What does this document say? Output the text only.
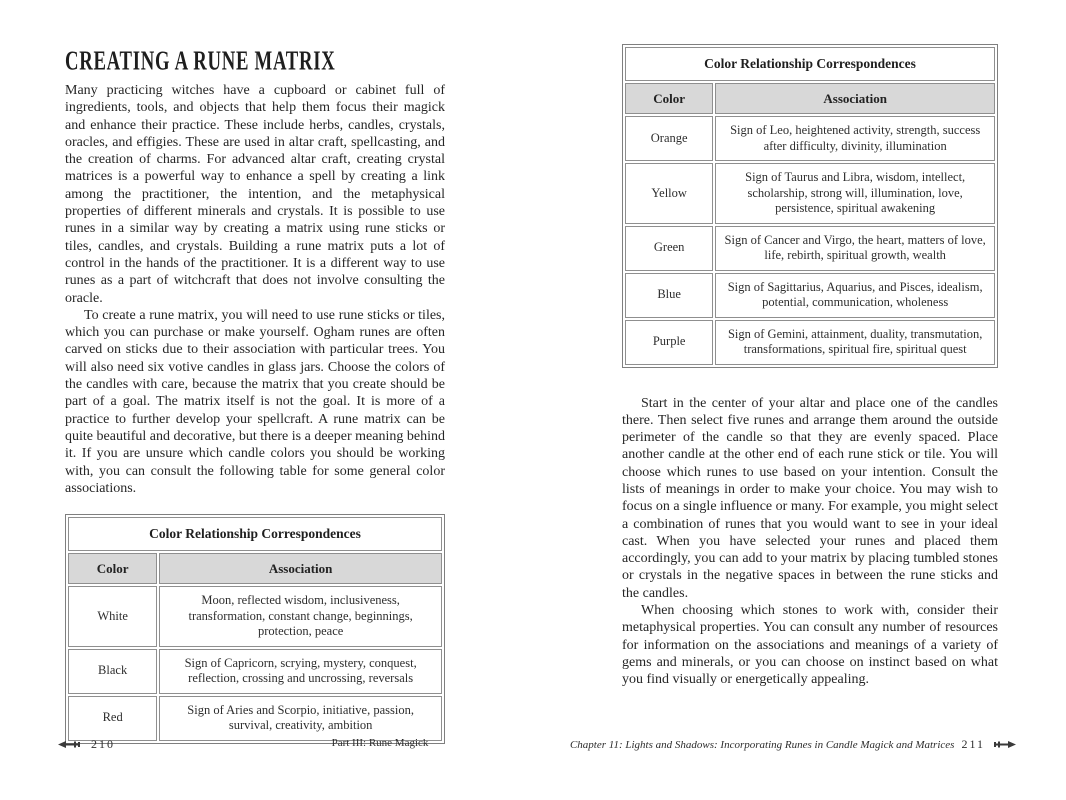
CREATING A RUNE MATRIX

Many practicing witches have a cupboard or cabinet full of ingredients, tools, and objects that help them focus their magick and enhance their practice. These include herbs, candles, crystals, oracles, and effigies. These are used in altar craft, spellcasting, and the creation of charms. For advanced altar craft, creating crystal matrices is a powerful way to enhance a spell by creating a link among the practitioner, the intention, and the metaphysical properties of different minerals and crystals. It is possible to use runes in a similar way by creating a matrix using rune sticks or tiles, candles, and crystals. Building a rune matrix puts a lot of control in the hands of the practitioner. It is a different way to use runes as a part of witchcraft that does not involve consulting the oracle.

To create a rune matrix, you will need to use rune sticks or tiles, which you can purchase or make yourself. Ogham runes are often carved on sticks due to their association with particular trees. You will also need six votive candles in glass jars. Choose the colors of the candles with care, because the matrix that you create should be part of a goal. The matrix itself is not the goal. It is more of a practice to further develop your spellcraft. A rune matrix can be quite beautiful and decorative, but there is a deeper meaning behind it. If you are unsure which candle colors you should be working with, you can consult the following table for some general color associations.

Color Relationship Correspondences	
Color	Association
White	Moon, reflected wisdom, inclusiveness, transformation, constant change, beginnings, protection, peace
Black	Sign of Capricorn, scrying, mystery, conquest, reflection, crossing and uncrossing, reversals
Red	Sign of Aries and Scorpio, initiative, passion, survival, creativity, ambition
Color Relationship Correspondences	
Color	Association
Orange	Sign of Leo, heightened activity, strength, success after difficulty, divinity, illumination
Yellow	Sign of Taurus and Libra, wisdom, intellect, scholarship, strong will, illumination, love, persistence, spiritual awakening
Green	Sign of Cancer and Virgo, the heart, matters of love, life, rebirth, spiritual growth, wealth
Blue	Sign of Sagittarius, Aquarius, and Pisces, idealism, potential, communication, wholeness
Purple	Sign of Gemini, attainment, duality, transmutation, transformations, spiritual fire, spiritual quest

Start in the center of your altar and place one of the candles there. Then select five runes and arrange them around the outside perimeter of the candle so that they are evenly spaced. Place another candle at the other end of each rune stick or tile. You will choose which runes to use based on your intention. Consult the lists of meanings in order to make your choice. You may wish to focus on a single influence or many. For example, you might select a combination of runes that you would want to see in your ideal cast. When you have selected your runes and placed them accordingly, you can add to your matrix by placing tumbled stones or crystals in the negative spaces in between the rune sticks and the candles.

When choosing which stones to work with, consider their metaphysical properties. You can consult any number of resources for information on the associations and meanings of a variety of gems and minerals, or you can choose on instinct based on what you find visually or energetically appealing.

210	Part III: Rune Magick	Chapter 11: Lights and Shadows: Incorporating Runes in Candle Magick and Matrices 211
